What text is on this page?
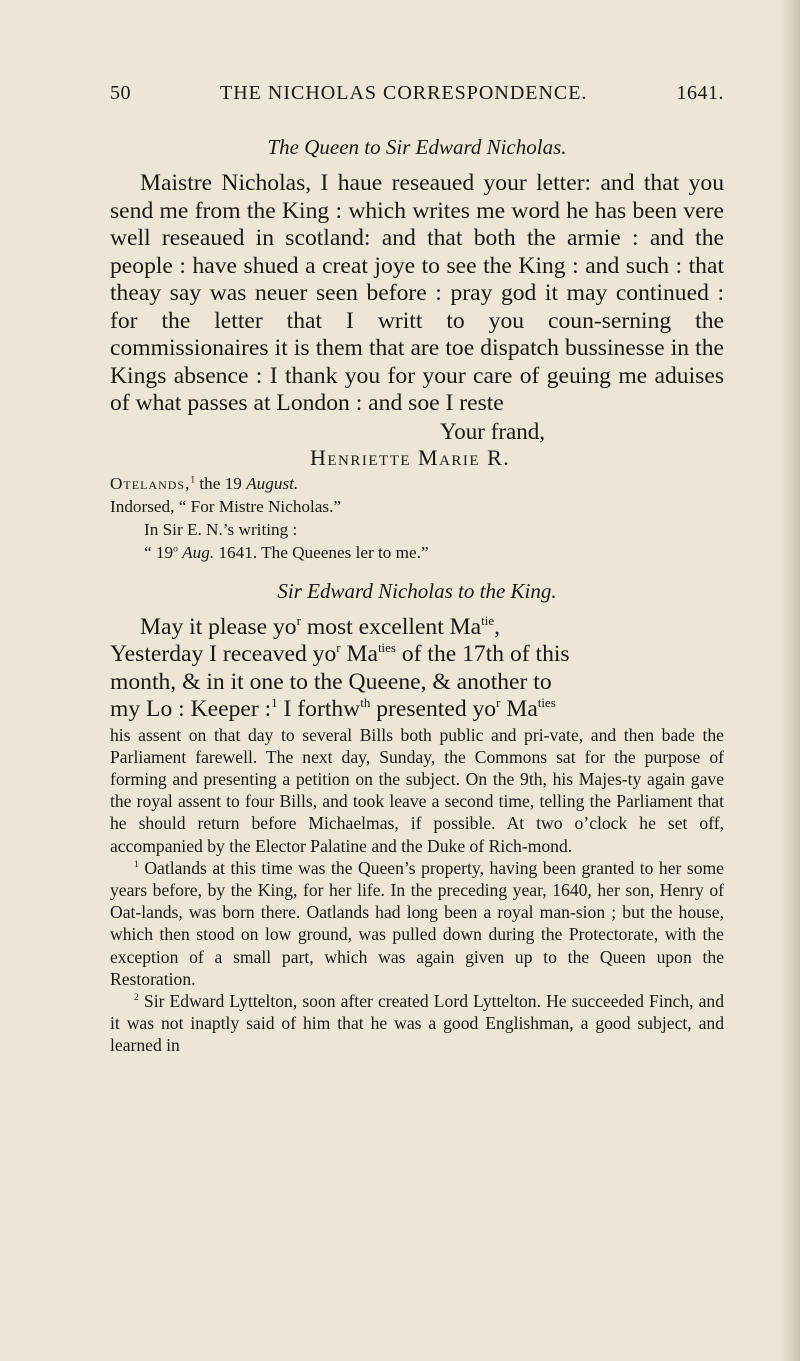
50	THE NICHOLAS CORRESPONDENCE.	1641.

The Queen to Sir Edward Nicholas.

Maistre Nicholas, I haue reseaued your letter: and that you send me from the King : which writes me word he has been vere well reseaued in scotland: and that both the armie : and the people : have shued a creat joye to see the King : and such : that theay say was neuer seen before : pray god it may continued : for the letter that I writt to you coun-serning the commissionaires it is them that are toe dispatch bussinesse in the Kings absence : I thank you for your care of geuing me aduises of what passes at London : and soe I reste

Your frand,

Henriette Marie R.

Otelands,$^1$ the 19 August.

Indorsed, “ For Mistre Nicholas.”

In Sir E. N.’s writing :

“ 19$^o$ Aug. 1641. The Queenes ler to me.”

Sir Edward Nicholas to the King.

May it please $yo^r$ most excellent $Ma^{tie}$,
Yesterday I receaved $yo^r$ $Ma^{ties}$ of the 17th of this
month, & in it one to the Queene, & another to
my Lo : Keeper :$^1$ I forthw$^{th}$ presented $yo^r$ $Ma^{ties}$

his assent on that day to several Bills both public and pri-vate, and then bade the Parliament farewell. The next day, Sunday, the Commons sat for the purpose of forming and presenting a petition on the subject. On the 9th, his Majes-ty again gave the royal assent to four Bills, and took leave a second time, telling the Parliament that he should return before Michaelmas, if possible. At two o’clock he set off, accompanied by the Elector Palatine and the Duke of Rich-mond.

$^1$ Oatlands at this time was the Queen’s property, having been granted to her some years before, by the King, for her life. In the preceding year, 1640, her son, Henry of Oat-lands, was born there. Oatlands had long been a royal man-sion ; but the house, which then stood on low ground, was pulled down during the Protectorate, with the exception of a small part, which was again given up to the Queen upon the Restoration.

$^2$ Sir Edward Lyttelton, soon after created Lord Lyttelton. He succeeded Finch, and it was not inaptly said of him that he was a good Englishman, a good subject, and learned in
